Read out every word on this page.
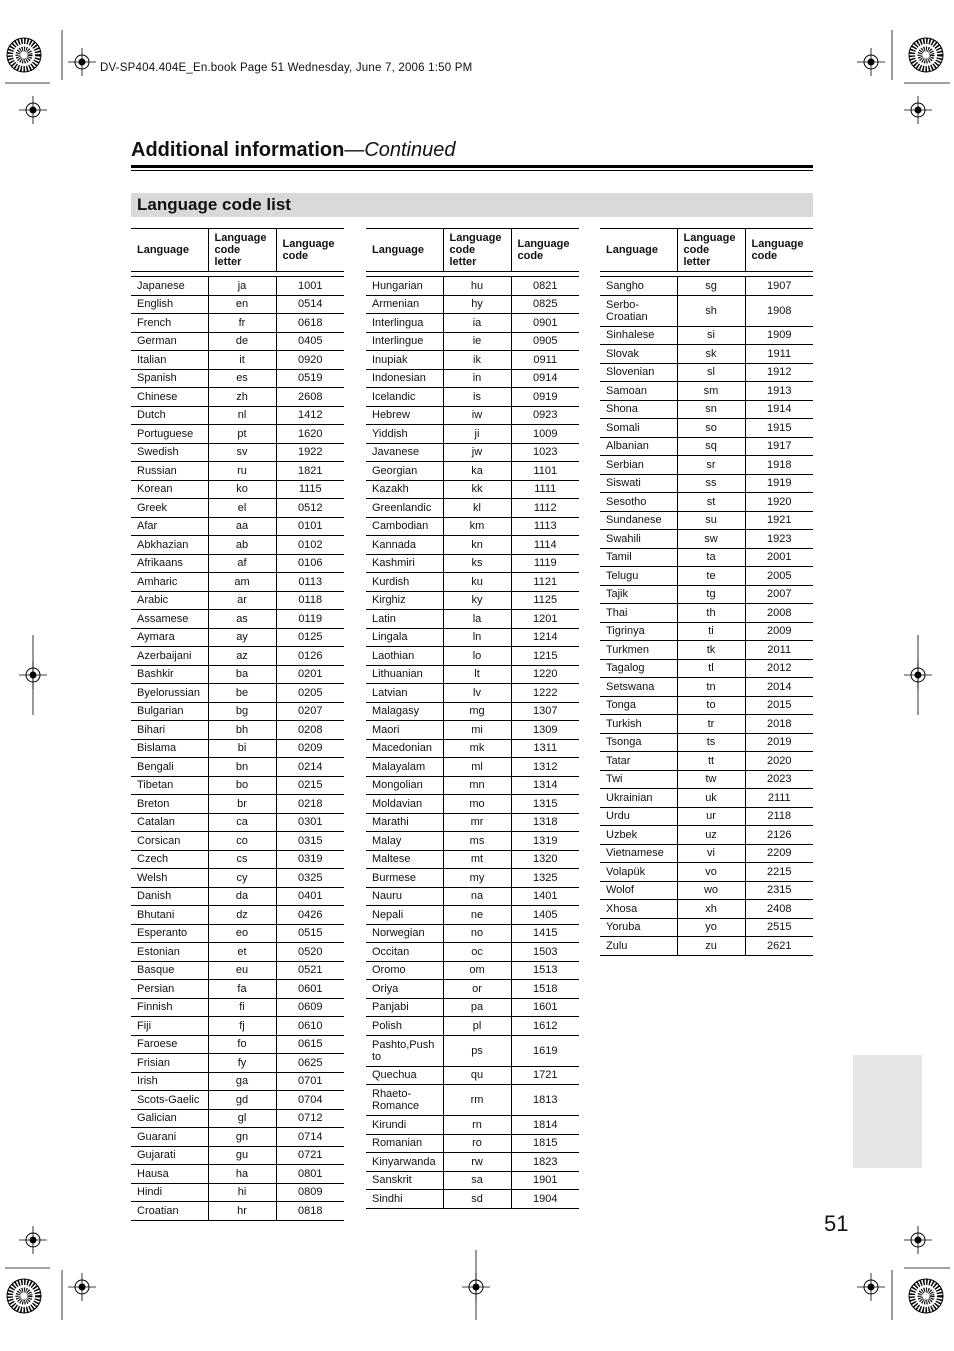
DV-SP404.404E_En.book Page 51 Wednesday, June 7, 2006 1:50 PM
Additional information—Continued
Language code list
Language	Language code letter	Language code

Japanese	ja	1001
English	en	0514
French	fr	0618
German	de	0405
Italian	it	0920
Spanish	es	0519
Chinese	zh	2608
Dutch	nl	1412
Portuguese	pt	1620
Swedish	sv	1922
Russian	ru	1821
Korean	ko	1115
Greek	el	0512
Afar	aa	0101
Abkhazian	ab	0102
Afrikaans	af	0106
Amharic	am	0113
Arabic	ar	0118
Assamese	as	0119
Aymara	ay	0125
Azerbaijani	az	0126
Bashkir	ba	0201
Byelorussian	be	0205
Bulgarian	bg	0207
Bihari	bh	0208
Bislama	bi	0209
Bengali	bn	0214
Tibetan	bo	0215
Breton	br	0218
Catalan	ca	0301
Corsican	co	0315
Czech	cs	0319
Welsh	cy	0325
Danish	da	0401
Bhutani	dz	0426
Esperanto	eo	0515
Estonian	et	0520
Basque	eu	0521
Persian	fa	0601
Finnish	fi	0609
Fiji	fj	0610
Faroese	fo	0615
Frisian	fy	0625
Irish	ga	0701
Scots-Gaelic	gd	0704
Galician	gl	0712
Guarani	gn	0714
Gujarati	gu	0721
Hausa	ha	0801
Hindi	hi	0809
Croatian	hr	0818
Language	Language code letter	Language code

Hungarian	hu	0821
Armenian	hy	0825
Interlingua	ia	0901
Interlingue	ie	0905
Inupiak	ik	0911
Indonesian	in	0914
Icelandic	is	0919
Hebrew	iw	0923
Yiddish	ji	1009
Javanese	jw	1023
Georgian	ka	1101
Kazakh	kk	1111
Greenlandic	kl	1112
Cambodian	km	1113
Kannada	kn	1114
Kashmiri	ks	1119
Kurdish	ku	1121
Kirghiz	ky	1125
Latin	la	1201
Lingala	ln	1214
Laothian	lo	1215
Lithuanian	lt	1220
Latvian	lv	1222
Malagasy	mg	1307
Maori	mi	1309
Macedonian	mk	1311
Malayalam	ml	1312
Mongolian	mn	1314
Moldavian	mo	1315
Marathi	mr	1318
Malay	ms	1319
Maltese	mt	1320
Burmese	my	1325
Nauru	na	1401
Nepali	ne	1405
Norwegian	no	1415
Occitan	oc	1503
Oromo	om	1513
Oriya	or	1518
Panjabi	pa	1601
Polish	pl	1612
Pashto,Push to	ps	1619
Quechua	qu	1721
Rhaeto-Romance	rm	1813
Kirundi	rn	1814
Romanian	ro	1815
Kinyarwanda	rw	1823
Sanskrit	sa	1901
Sindhi	sd	1904
Language	Language code letter	Language code

Sangho	sg	1907
Serbo-Croatian	sh	1908
Sinhalese	si	1909
Slovak	sk	1911
Slovenian	sl	1912
Samoan	sm	1913
Shona	sn	1914
Somali	so	1915
Albanian	sq	1917
Serbian	sr	1918
Siswati	ss	1919
Sesotho	st	1920
Sundanese	su	1921
Swahili	sw	1923
Tamil	ta	2001
Telugu	te	2005
Tajik	tg	2007
Thai	th	2008
Tigrinya	ti	2009
Turkmen	tk	2011
Tagalog	tl	2012
Setswana	tn	2014
Tonga	to	2015
Turkish	tr	2018
Tsonga	ts	2019
Tatar	tt	2020
Twi	tw	2023
Ukrainian	uk	2111
Urdu	ur	2118
Uzbek	uz	2126
Vietnamese	vi	2209
Volapük	vo	2215
Wolof	wo	2315
Xhosa	xh	2408
Yoruba	yo	2515
Zulu	zu	2621
51
